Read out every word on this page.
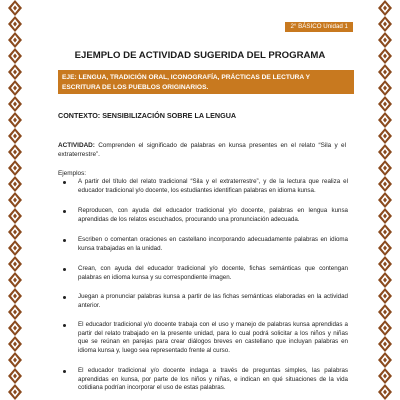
2° BÁSICO Unidad 1
EJEMPLO DE ACTIVIDAD SUGERIDA DEL PROGRAMA
EJE: LENGUA, TRADICIÓN ORAL, ICONOGRAFÍA, PRÁCTICAS DE LECTURA Y ESCRITURA DE LOS PUEBLOS ORIGINARIOS.
CONTEXTO: SENSIBILIZACIÓN SOBRE LA LENGUA
ACTIVIDAD: Comprenden el significado de palabras en kunsa presentes en el relato “Sila y el extraterrestre”.
Ejemplos:
A partir del título del relato tradicional “Sila y el extraterrestre”, y de la lectura que realiza el educador tradicional y/o docente, los estudiantes identifican palabras en idioma kunsa.
Reproducen, con ayuda del educador tradicional y/o docente, palabras en lengua kunsa aprendidas de los relatos escuchados, procurando una pronunciación adecuada.
Escriben o comentan oraciones en castellano incorporando adecuadamente palabras en idioma kunsa trabajadas en la unidad.
Crean, con ayuda del educador tradicional y/o docente, fichas semánticas que contengan palabras en idioma kunsa y su correspondiente imagen.
Juegan a pronunciar palabras kunsa a partir de las fichas semánticas elaboradas en la actividad anterior.
El educador tradicional y/o docente trabaja con el uso y manejo de palabras kunsa aprendidas a partir del relato trabajado en la presente unidad, para lo cual podrá solicitar a los niños y niñas que se reúnan en parejas para crear diálogos breves en castellano que incluyan palabras en idioma kunsa y, luego sea representado frente al curso.
El educador tradicional y/o docente indaga a través de preguntas simples, las palabras aprendidas en kunsa, por parte de los niños y niñas, e indican en qué situaciones de la vida cotidiana podrían incorporar el uso de estas palabras.
